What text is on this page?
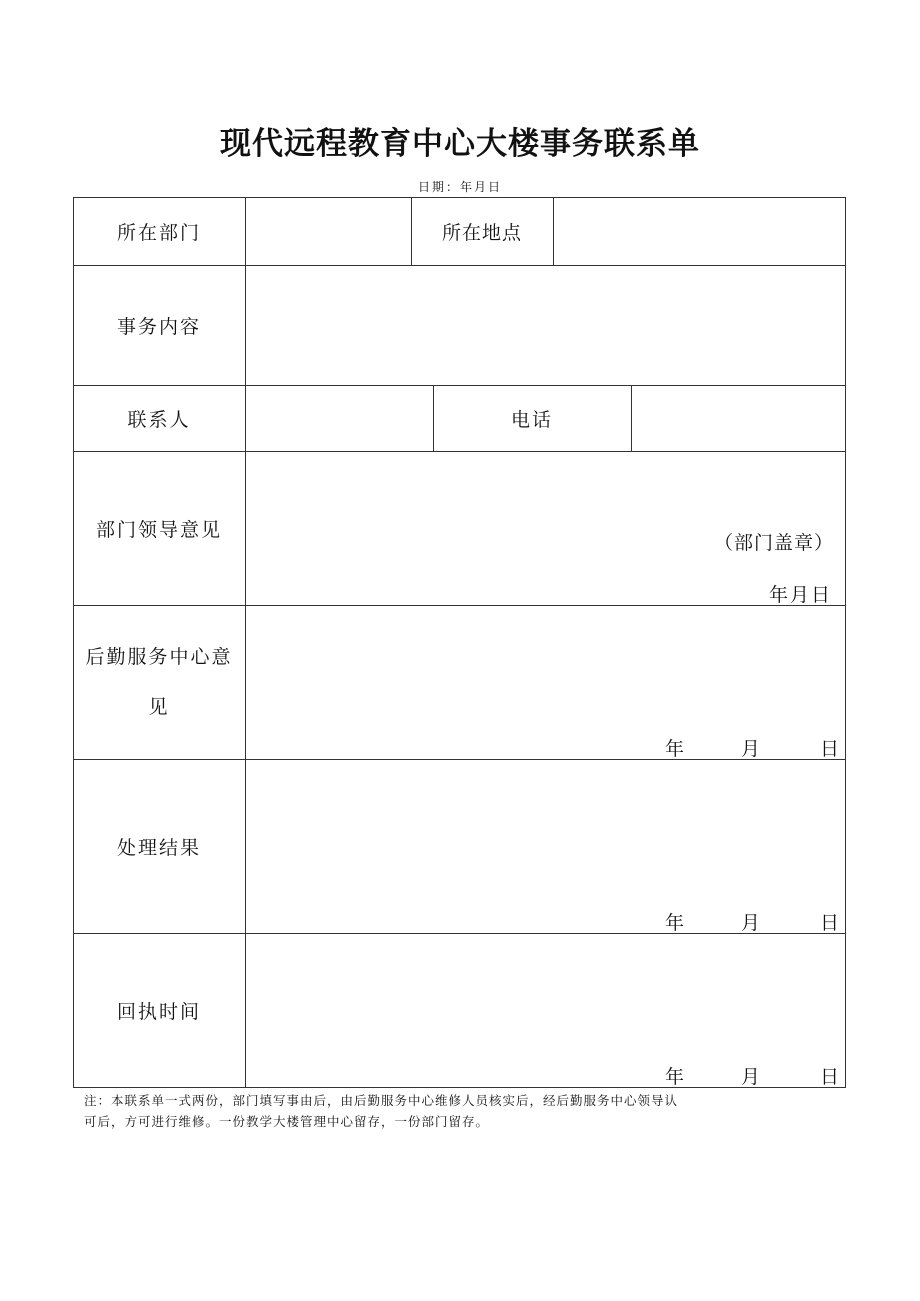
现代远程教育中心大楼事务联系单
日期：年月日
所在部门	所在地点
事务内容
联系人	电话
部门领导意见
（部门盖章）
年月日
后勤服务中心意
见
年	月	日
处理结果
年	月	日
回执时间
年	月	日
注：本联系单一式两份，部门填写事由后，由后勤服务中心维修人员核实后，经后勤服务中心领导认
可后，方可进行维修。一份教学大楼管理中心留存，一份部门留存。
